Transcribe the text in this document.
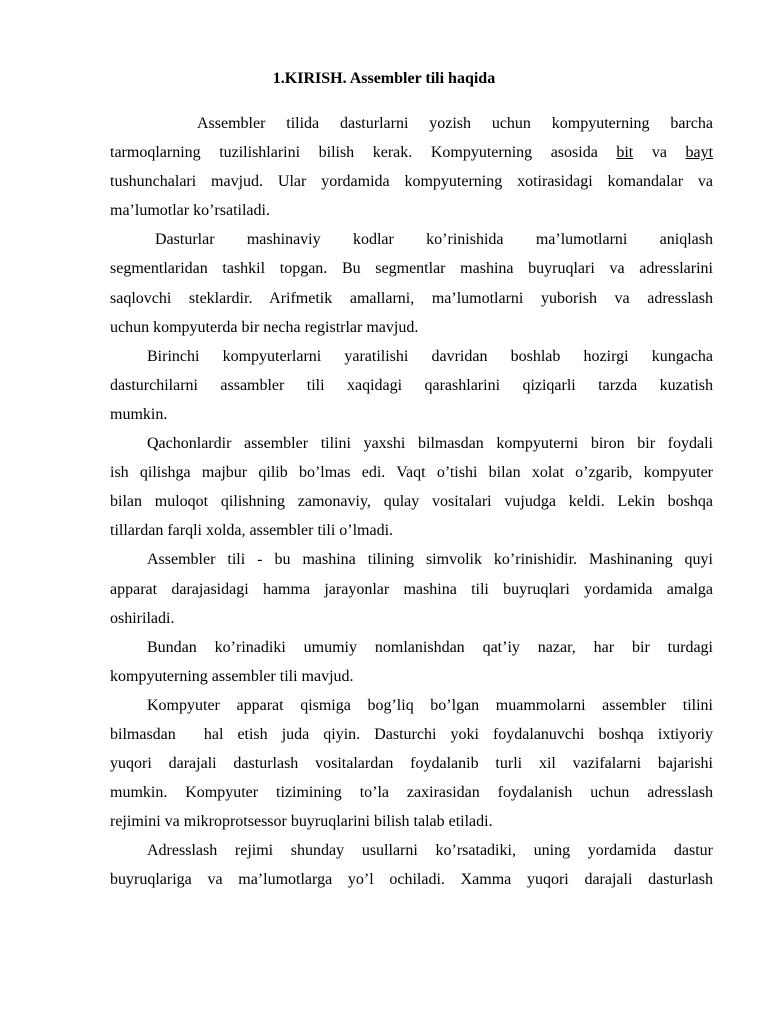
1.KIRISH. Assembler tili haqida
Assembler tilida dasturlarni yozish uchun kompyuterning barcha
tarmoqlarning tuzilishlarini bilish kerak. Kompyuterning asosida bit va bayt
tushunchalari mavjud. Ular yordamida kompyuterning xotirasidagi komandalar va
ma’lumotlar ko’rsatiladi.
Dasturlar mashinaviy kodlar ko’rinishida ma’lumotlarni aniqlash
segmentlaridan tashkil topgan. Bu segmentlar mashina buyruqlari va adresslarini
saqlovchi steklardir. Arifmetik amallarni, ma’lumotlarni yuborish va adresslash
uchun kompyuterda bir necha registrlar mavjud.
Birinchi kompyuterlarni yaratilishi davridan boshlab hozirgi kungacha
dasturchilarni assambler tili xaqidagi qarashlarini qiziqarli tarzda kuzatish
mumkin.
Qachonlardir assembler tilini yaxshi bilmasdan kompyuterni biron bir foydali
ish qilishga majbur qilib bo’lmas edi. Vaqt o’tishi bilan xolat o’zgarib, kompyuter
bilan muloqot qilishning zamonaviy, qulay vositalari vujudga keldi. Lekin boshqa
tillardan farqli xolda, assembler tili o’lmadi.
Assembler tili - bu mashina tilining simvolik ko’rinishidir. Mashinaning quyi
apparat darajasidagi hamma jarayonlar mashina tili buyruqlari yordamida amalga
oshiriladi.
Bundan ko’rinadiki umumiy nomlanishdan qat’iy nazar, har bir turdagi
kompyuterning assembler tili mavjud.
Kompyuter apparat qismiga bog’liq bo’lgan muammolarni assembler tilini
bilmasdan  hal etish juda qiyin. Dasturchi yoki foydalanuvchi boshqa ixtiyoriy
yuqori darajali dasturlash vositalardan foydalanib turli xil vazifalarni bajarishi
mumkin. Kompyuter tizimining to’la zaxirasidan foydalanish uchun adresslash
rejimini va mikroprotsessor buyruqlarini bilish talab etiladi.
Adresslash rejimi shunday usullarni ko’rsatadiki, uning yordamida dastur
buyruqlariga va ma’lumotlarga yo’l ochiladi. Xamma yuqori darajali dasturlash
